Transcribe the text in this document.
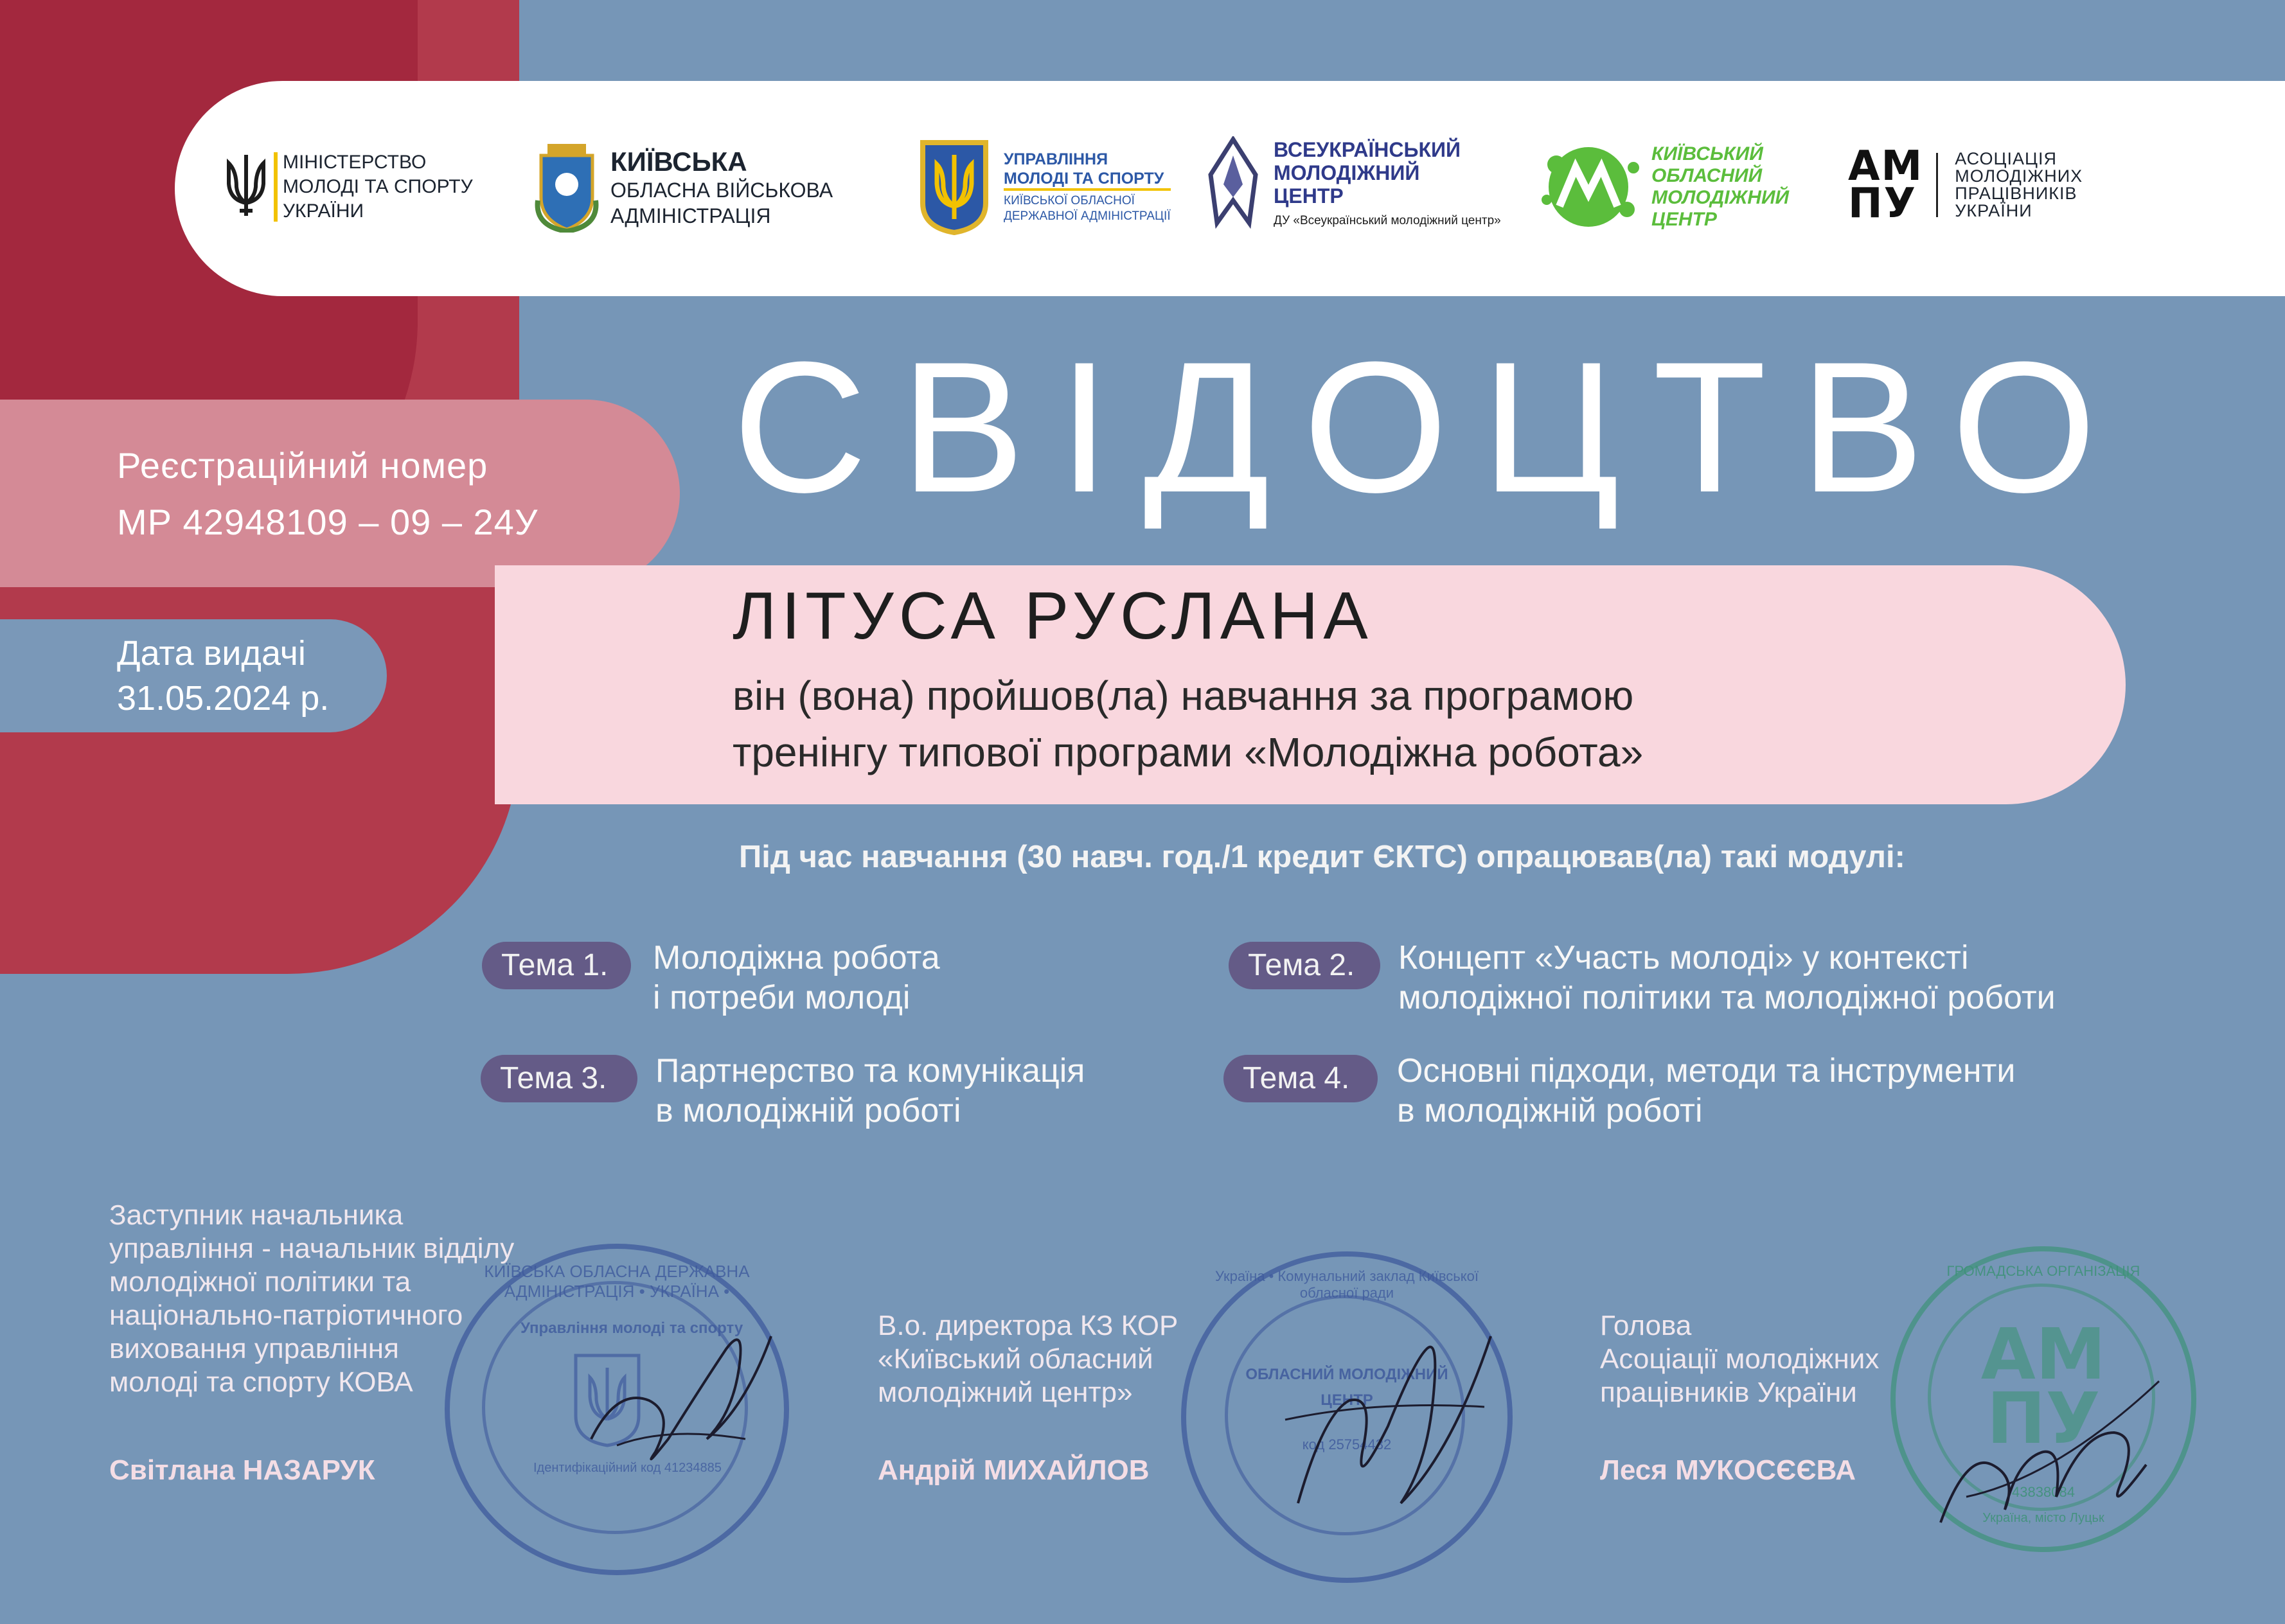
МІНІСТЕРСТВО
МОЛОДІ ТА СПОРТУ
УКРАЇНИ
КИЇВСЬКА
ОБЛАСНА ВІЙСЬКОВА
АДМІНІСТРАЦІЯ
УПРАВЛІННЯ
МОЛОДІ ТА СПОРТУ
КИЇВСЬКОЇ ОБЛАСНОЇ
ДЕРЖАВНОЇ АДМІНІСТРАЦІЇ
ВСЕУКРАЇНСЬКИЙ
МОЛОДІЖНИЙ
ЦЕНТР
ДУ «Всеукраїнський молодіжний центр»
КИЇВСЬКИЙ
ОБЛАСНИЙ
МОЛОДІЖНИЙ
ЦЕНТР
АМ
ПУ
АСОЦІАЦІЯ
МОЛОДІЖНИХ
ПРАЦІВНИКІВ
УКРАЇНИ
Реєстраційний номер
МР 42948109 – 09 – 24У
Дата видачі
31.05.2024 р.
СВІДОЦТВО
ЛІТУСА РУСЛАНА
він (вона) пройшов(ла) навчання за програмою
тренінгу типової програми «Молодіжна робота»
Під час навчання (30 навч. год./1 кредит ЄКТС) опрацював(ла) такі модулі:
Тема 1.	Молодіжна робота
і потреби молоді
Тема 2.	Концепт «Участь молоді» у контексті
молодіжної політики та молодіжної роботи
Тема 3.	Партнерство та комунікація
в молодіжній роботі
Тема 4.	Основні підходи, методи та інструменти
в молодіжній роботі
КИЇВСЬКА ОБЛАСНА ДЕРЖАВНА АДМІНІСТРАЦІЯ • УКРАЇНА •
Управління молоді та спорту
Ідентифікаційний код 41234885
Україна • Комунальний заклад Київської обласної ради
ОБЛАСНИЙ МОЛОДІЖНИЙ
ЦЕНТР
код 25754432
ГРОМАДСЬКА ОРГАНІЗАЦІЯ
АМ
ПУ
43838084
Україна, місто Луцьк
Заступник начальника
управління - начальник відділу
молодіжної політики та
національно-патріотичного
виховання управління
молоді та спорту КОВА
Світлана НАЗАРУК
В.о. директора КЗ КОР
«Київський обласний
молодіжний центр»
Андрій МИХАЙЛОВ
Голова
Асоціації молодіжних
працівників України
Леся МУКОСЄЄВА
